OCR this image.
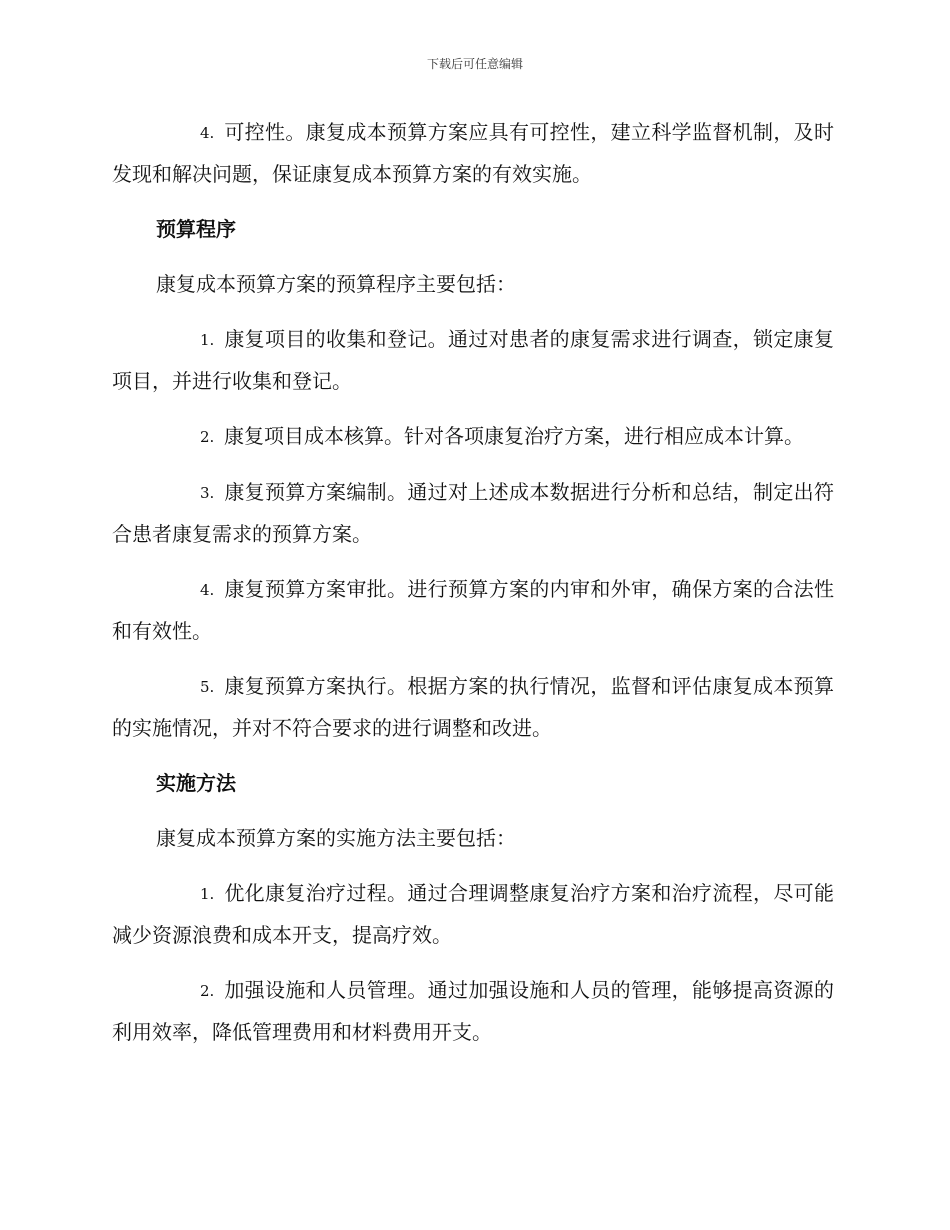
下载后可任意编辑

4. 可控性。康复成本预算方案应具有可控性，建立科学监督机制，及时发现和解决问题，保证康复成本预算方案的有效实施。

预算程序

康复成本预算方案的预算程序主要包括：

1. 康复项目的收集和登记。通过对患者的康复需求进行调查，锁定康复项目，并进行收集和登记。

2. 康复项目成本核算。针对各项康复治疗方案，进行相应成本计算。

3. 康复预算方案编制。通过对上述成本数据进行分析和总结，制定出符合患者康复需求的预算方案。

4. 康复预算方案审批。进行预算方案的内审和外审，确保方案的合法性和有效性。

5. 康复预算方案执行。根据方案的执行情况，监督和评估康复成本预算的实施情况，并对不符合要求的进行调整和改进。

实施方法

康复成本预算方案的实施方法主要包括：

1. 优化康复治疗过程。通过合理调整康复治疗方案和治疗流程，尽可能减少资源浪费和成本开支，提高疗效。

2. 加强设施和人员管理。通过加强设施和人员的管理，能够提高资源的利用效率，降低管理费用和材料费用开支。
